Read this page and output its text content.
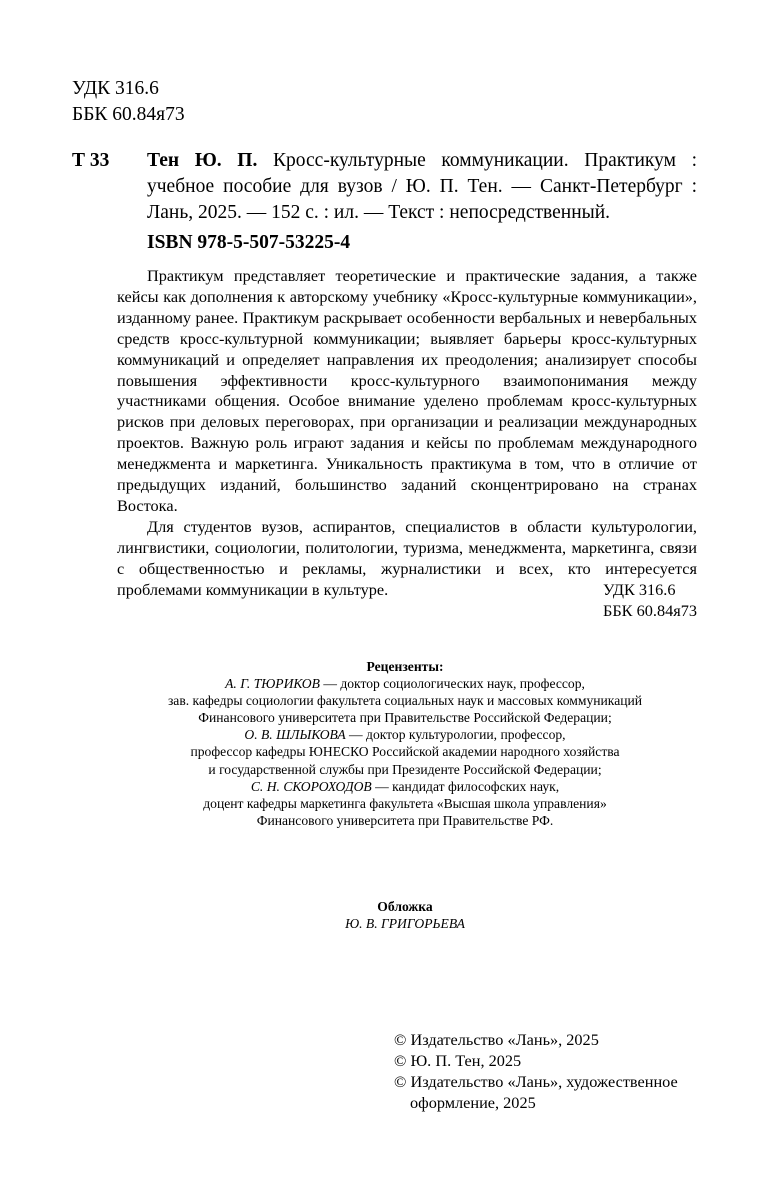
УДК 316.6
ББК 60.84я73
Т 33 Тен Ю. П. Кросс-культурные коммуникации. Практикум : учебное пособие для вузов / Ю. П. Тен. — Санкт-Петербург : Лань, 2025. — 152 с. : ил. — Текст : непосредственный.
ISBN 978-5-507-53225-4

Практикум представляет теоретические и практические задания, а также кейсы как дополнения к авторскому учебнику «Кросс-культурные коммуникации», изданному ранее. Практикум раскрывает особенности вербальных и невербальных средств кросс-культурной коммуникации; выявляет барьеры кросс-культурных коммуникаций и определяет направления их преодоления; анализирует способы повышения эффективности кросс-культурного взаимопонимания между участниками общения. Особое внимание уделено проблемам кросс-культурных рисков при деловых переговорах, при организации и реализации международных проектов. Важную роль играют задания и кейсы по проблемам международного менеджмента и маркетинга. Уникальность практикума в том, что в отличие от предыдущих изданий, большинство заданий сконцентрировано на странах Востока.

Для студентов вузов, аспирантов, специалистов в области культурологии, лингвистики, социологии, политологии, туризма, менеджмента, маркетинга, связи с общественностью и рекламы, журналистики и всех, кто интересуется проблемами коммуникации в культуре.	УДК 316.6
ББК 60.84я73
Рецензенты:
А. Г. ТЮРИКОВ — доктор социологических наук, профессор,
зав. кафедры социологии факультета социальных наук и массовых коммуникаций
Финансового университета при Правительстве Российской Федерации;
О. В. ШЛЫКОВА — доктор культурологии, профессор,
профессор кафедры ЮНЕСКО Российской академии народного хозяйства
и государственной службы при Президенте Российской Федерации;
С. Н. СКОРОХОДОВ — кандидат философских наук,
доцент кафедры маркетинга факультета «Высшая школа управления»
Финансового университета при Правительстве РФ.
Обложка
Ю. В. ГРИГОРЬЕВА
© Издательство «Лань», 2025
© Ю. П. Тен, 2025
© Издательство «Лань», художественное
оформление, 2025
